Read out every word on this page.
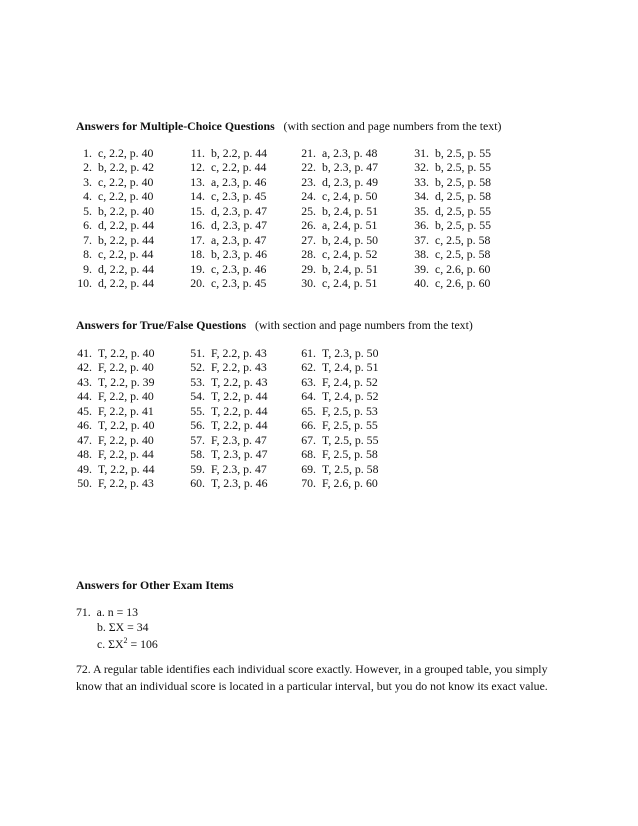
Answers for Multiple-Choice Questions (with section and page numbers from the text)
1. c, 2.2, p. 40
2. b, 2.2, p. 42
3. c, 2.2, p. 40
4. c, 2.2, p. 40
5. b, 2.2, p. 40
6. d, 2.2, p. 44
7. b, 2.2, p. 44
8. c, 2.2, p. 44
9. d, 2.2, p. 44
10. d, 2.2, p. 44
11. b, 2.2, p. 44
12. c, 2.2, p. 44
13. a, 2.3, p. 46
14. c, 2.3, p. 45
15. d, 2.3, p. 47
16. d, 2.3, p. 47
17. a, 2.3, p. 47
18. b, 2.3, p. 46
19. c, 2.3, p. 46
20. c, 2.3, p. 45
21. a, 2.3, p. 48
22. b, 2.3, p. 47
23. d, 2.3, p. 49
24. c, 2.4, p. 50
25. b, 2.4, p. 51
26. a, 2.4, p. 51
27. b, 2.4, p. 50
28. c, 2.4, p. 52
29. b, 2.4, p. 51
30. c, 2.4, p. 51
31. b, 2.5, p. 55
32. b, 2.5, p. 55
33. b, 2.5, p. 58
34. d, 2.5, p. 58
35. d, 2.5, p. 55
36. b, 2.5, p. 55
37. c, 2.5, p. 58
38. c, 2.5, p. 58
39. c, 2.6, p. 60
40. c, 2.6, p. 60
Answers for True/False Questions (with section and page numbers from the text)
41. T, 2.2, p. 40
42. F, 2.2, p. 40
43. T, 2.2, p. 39
44. F, 2.2, p. 40
45. F, 2.2, p. 41
46. T, 2.2, p. 40
47. F, 2.2, p. 40
48. F, 2.2, p. 44
49. T, 2.2, p. 44
50. F, 2.2, p. 43
51. F, 2.2, p. 43
52. F, 2.2, p. 43
53. T, 2.2, p. 43
54. T, 2.2, p. 44
55. T, 2.2, p. 44
56. T, 2.2, p. 44
57. F, 2.3, p. 47
58. T, 2.3, p. 47
59. F, 2.3, p. 47
60. T, 2.3, p. 46
61. T, 2.3, p. 50
62. T, 2.4, p. 51
63. F, 2.4, p. 52
64. T, 2.4, p. 52
65. F, 2.5, p. 53
66. F, 2.5, p. 55
67. T, 2.5, p. 55
68. F, 2.5, p. 58
69. T, 2.5, p. 58
70. F, 2.6, p. 60
Answers for Other Exam Items
71. a. n = 13
b. ΣX = 34
c. $\Sigma X^2 = 106$
72. A regular table identifies each individual score exactly. However, in a grouped table, you simply know that an individual score is located in a particular interval, but you do not know its exact value.
